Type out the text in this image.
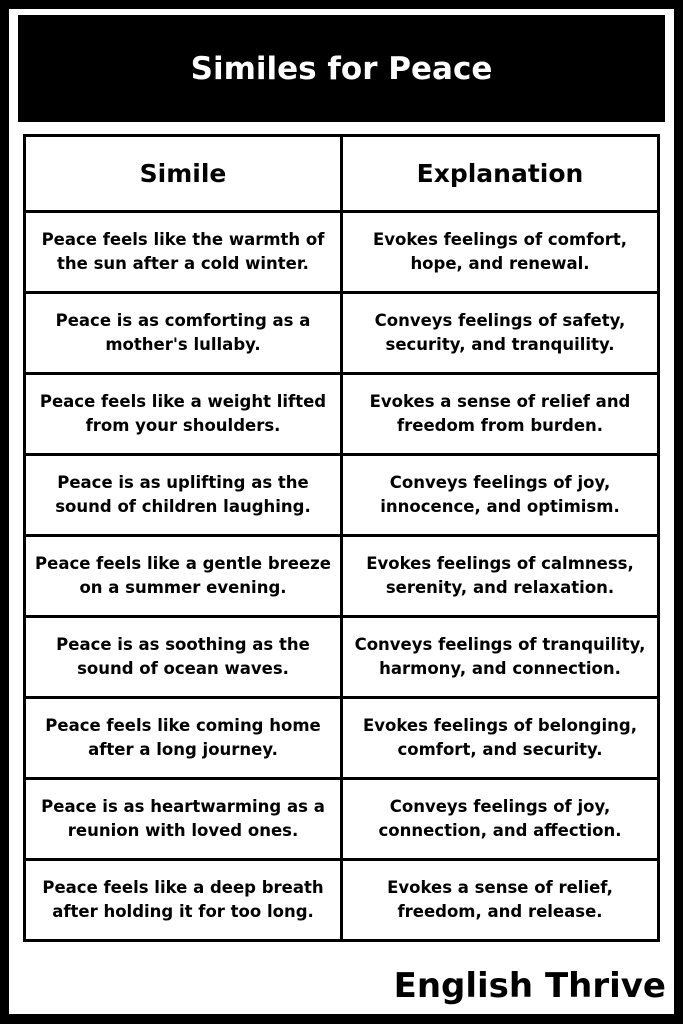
Similes for Peace
Simile	Explanation
Peace feels like the warmth of the sun after a cold winter.	Evokes feelings of comfort, hope, and renewal.
Peace is as comforting as a mother's lullaby.	Conveys feelings of safety, security, and tranquility.
Peace feels like a weight lifted from your shoulders.	Evokes a sense of relief and freedom from burden.
Peace is as uplifting as the sound of children laughing.	Conveys feelings of joy, innocence, and optimism.
Peace feels like a gentle breeze on a summer evening.	Evokes feelings of calmness, serenity, and relaxation.
Peace is as soothing as the sound of ocean waves.	Conveys feelings of tranquility, harmony, and connection.
Peace feels like coming home after a long journey.	Evokes feelings of belonging, comfort, and security.
Peace is as heartwarming as a reunion with loved ones.	Conveys feelings of joy, connection, and affection.
Peace feels like a deep breath after holding it for too long.	Evokes a sense of relief, freedom, and release.
English Thrive
